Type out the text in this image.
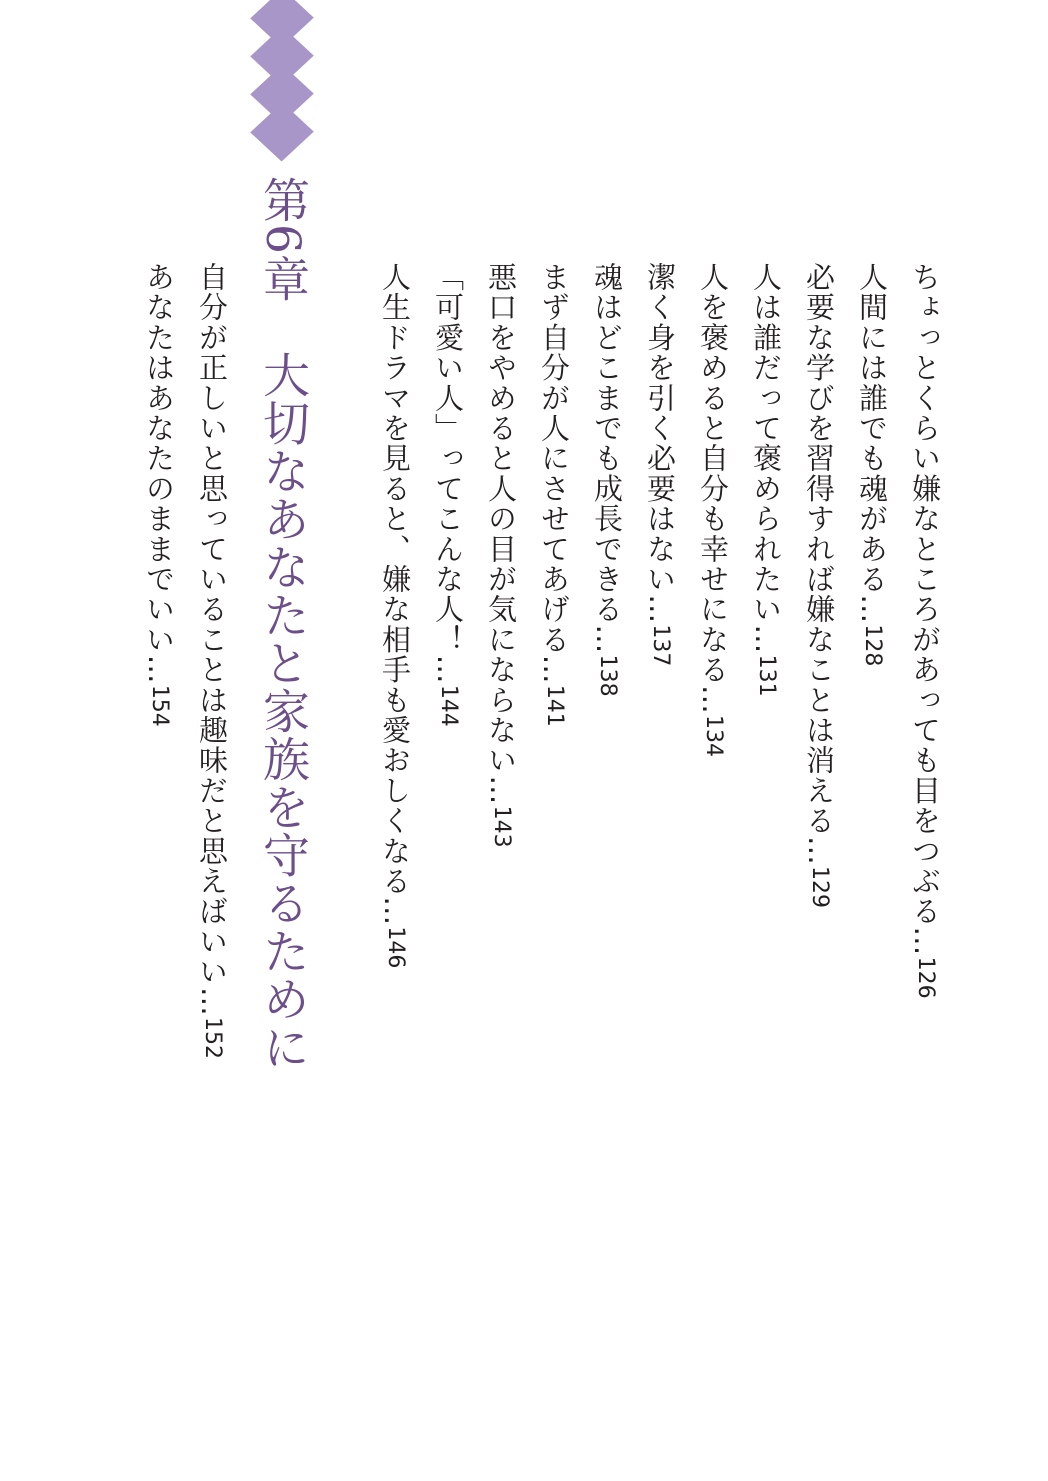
第6章　大切なあなたと家族を守るために	ちょっとくらい嫌なところがあっても目をつぶる…126
人間には誰でも魂がある…128
必要な学びを習得すれば嫌なことは消える…129
人は誰だって褒められたい…131
人を褒めると自分も幸せになる…134
潔く身を引く必要はない…137
魂はどこまでも成長できる…138
まず自分が人にさせてあげる…141
悪口をやめると人の目が気にならない…143
「可愛い人」ってこんな人！…144
人生ドラマを見ると、嫌な相手も愛おしくなる…146
自分が正しいと思っていることは趣味だと思えばいい…152
あなたはあなたのままでいい…154
